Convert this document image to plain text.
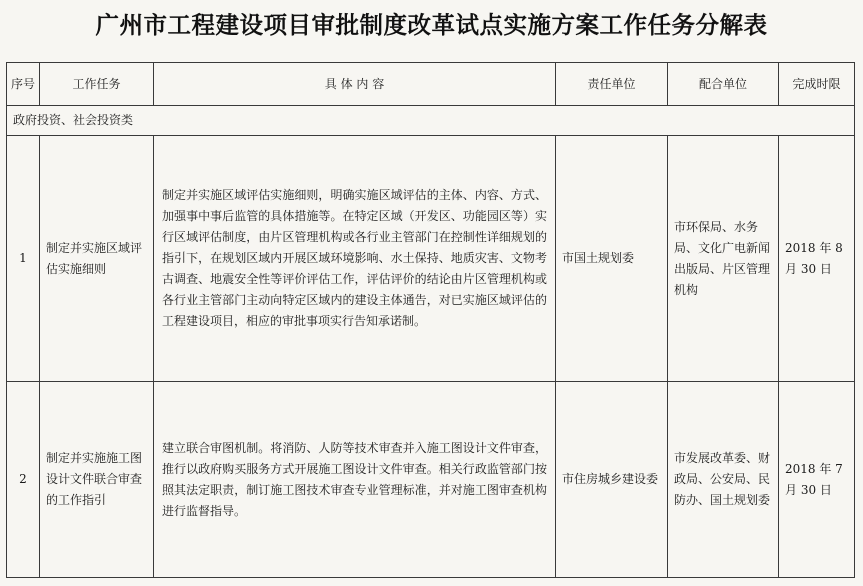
广州市工程建设项目审批制度改革试点实施方案工作任务分解表
序号	工作任务	具 体 内 容	责任单位	配合单位	完成时限
政府投资、社会投资类					
1	制定并实施区域评估实施细则	制定并实施区域评估实施细则，明确实施区域评估的主体、内容、方式、加强事中事后监管的具体措施等。在特定区域（开发区、功能园区等）实行区域评估制度，由片区管理机构或各行业主管部门在控制性详细规划的指引下，在规划区域内开展区域环境影响、水土保持、地质灾害、文物考古调查、地震安全性等评价评估工作，评估评价的结论由片区管理机构或各行业主管部门主动向特定区域内的建设主体通告，对已实施区域评估的工程建设项目，相应的审批事项实行告知承诺制。	市国土规划委	市环保局、水务局、文化广电新闻出版局、片区管理机构	2018 年 8 月 30 日
2	制定并实施施工图设计文件联合审查的工作指引	建立联合审图机制。将消防、人防等技术审查并入施工图设计文件审查，推行以政府购买服务方式开展施工图设计文件审查。相关行政监管部门按照其法定职责，制订施工图技术审查专业管理标准，并对施工图审查机构进行监督指导。	市住房城乡建设委	市发展改革委、财政局、公安局、民防办、国土规划委	2018 年 7 月 30 日
